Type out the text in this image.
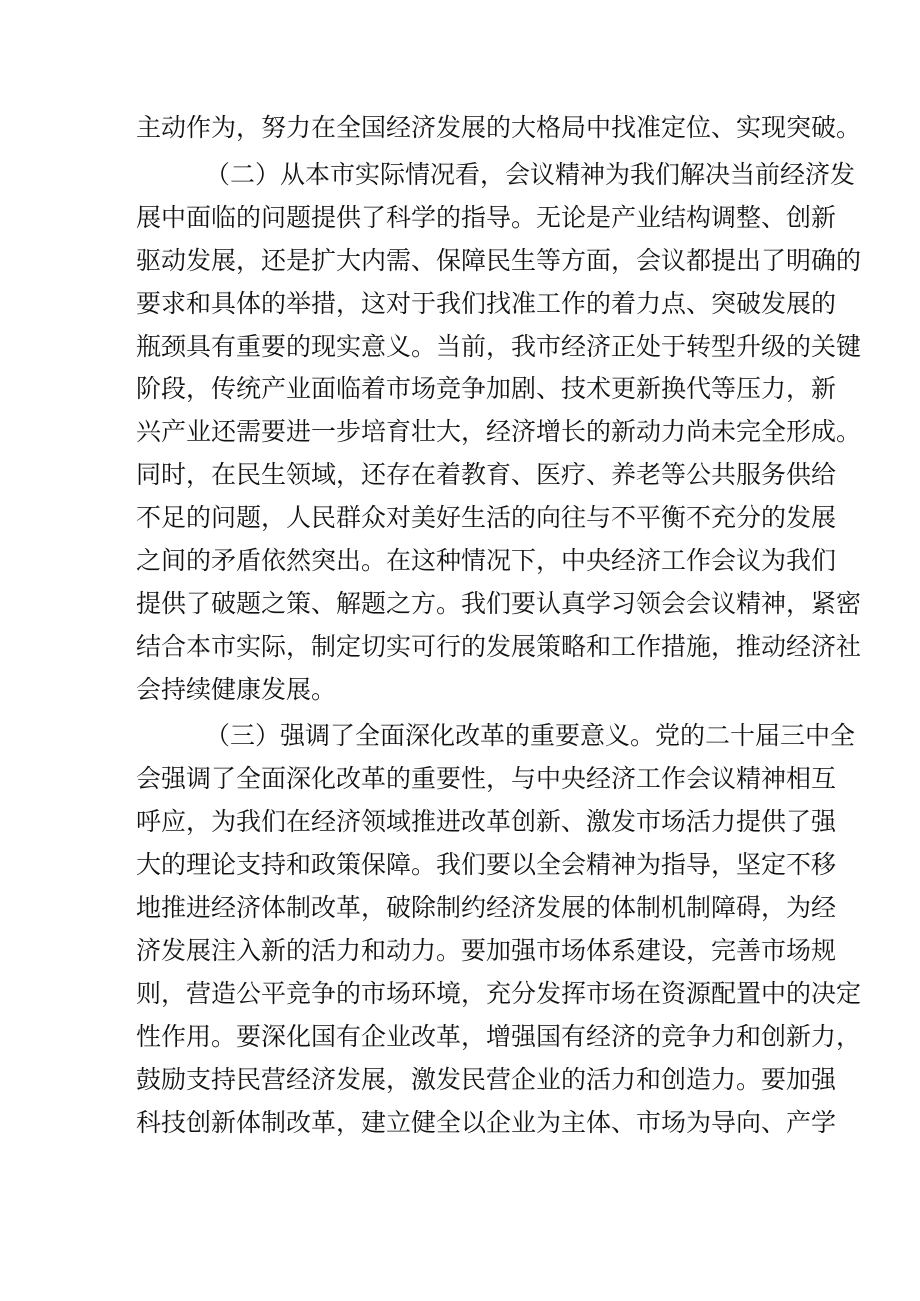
主动作为，努力在全国经济发展的大格局中找准定位、实现突破。
（二）从本市实际情况看，会议精神为我们解决当前经济发
展中面临的问题提供了科学的指导。无论是产业结构调整、创新
驱动发展，还是扩大内需、保障民生等方面，会议都提出了明确的
要求和具体的举措，这对于我们找准工作的着力点、突破发展的
瓶颈具有重要的现实意义。当前，我市经济正处于转型升级的关键
阶段，传统产业面临着市场竞争加剧、技术更新换代等压力，新
兴产业还需要进一步培育壮大，经济增长的新动力尚未完全形成。
同时，在民生领域，还存在着教育、医疗、养老等公共服务供给
不足的问题，人民群众对美好生活的向往与不平衡不充分的发展
之间的矛盾依然突出。在这种情况下，中央经济工作会议为我们
提供了破题之策、解题之方。我们要认真学习领会会议精神，紧密
结合本市实际，制定切实可行的发展策略和工作措施，推动经济社
会持续健康发展。
（三）强调了全面深化改革的重要意义。党的二十届三中全
会强调了全面深化改革的重要性，与中央经济工作会议精神相互
呼应，为我们在经济领域推进改革创新、激发市场活力提供了强
大的理论支持和政策保障。我们要以全会精神为指导，坚定不移
地推进经济体制改革，破除制约经济发展的体制机制障碍，为经
济发展注入新的活力和动力。要加强市场体系建设，完善市场规
则，营造公平竞争的市场环境，充分发挥市场在资源配置中的决定
性作用。要深化国有企业改革，增强国有经济的竞争力和创新力，
鼓励支持民营经济发展，激发民营企业的活力和创造力。要加强
科技创新体制改革，建立健全以企业为主体、市场为导向、产学
